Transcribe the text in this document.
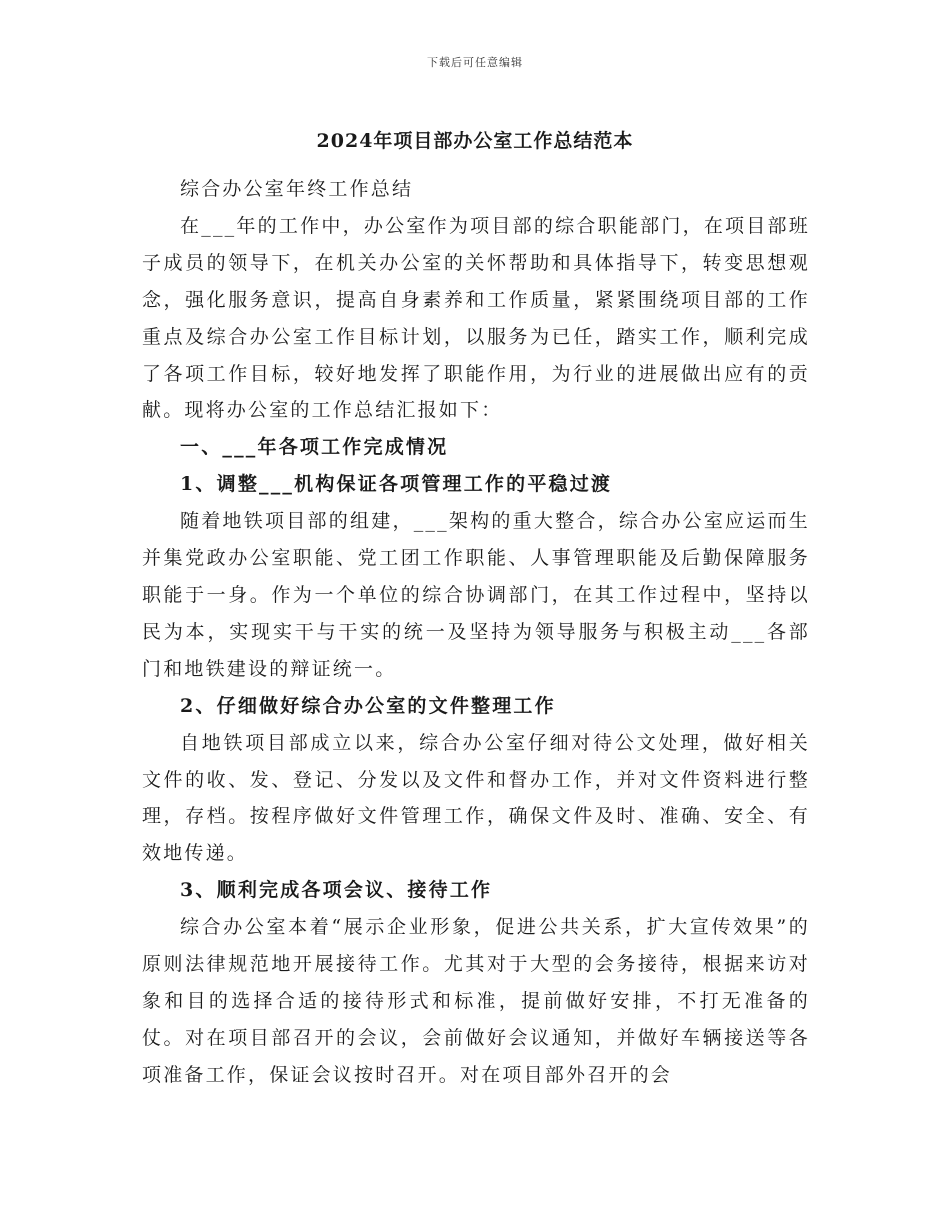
下载后可任意编辑
2024年项目部办公室工作总结范本

综合办公室年终工作总结

在___年的工作中，办公室作为项目部的综合职能部门，在项目部班子成员的领导下，在机关办公室的关怀帮助和具体指导下，转变思想观念，强化服务意识，提高自身素养和工作质量，紧紧围绕项目部的工作重点及综合办公室工作目标计划，以服务为已任，踏实工作，顺利完成了各项工作目标，较好地发挥了职能作用，为行业的进展做出应有的贡献。现将办公室的工作总结汇报如下：

一、___年各项工作完成情况

1、调整___机构保证各项管理工作的平稳过渡

随着地铁项目部的组建，___架构的重大整合，综合办公室应运而生并集党政办公室职能、党工团工作职能、人事管理职能及后勤保障服务职能于一身。作为一个单位的综合协调部门，在其工作过程中，坚持以民为本，实现实干与干实的统一及坚持为领导服务与积极主动___各部门和地铁建设的辩证统一。

2、仔细做好综合办公室的文件整理工作

自地铁项目部成立以来，综合办公室仔细对待公文处理，做好相关文件的收、发、登记、分发以及文件和督办工作，并对文件资料进行整理，存档。按程序做好文件管理工作，确保文件及时、准确、安全、有效地传递。

3、顺利完成各项会议、接待工作

综合办公室本着“展示企业形象，促进公共关系，扩大宣传效果”的原则法律规范地开展接待工作。尤其对于大型的会务接待，根据来访对象和目的选择合适的接待形式和标准，提前做好安排，不打无准备的仗。对在项目部召开的会议，会前做好会议通知，并做好车辆接送等各项准备工作，保证会议按时召开。对在项目部外召开的会
